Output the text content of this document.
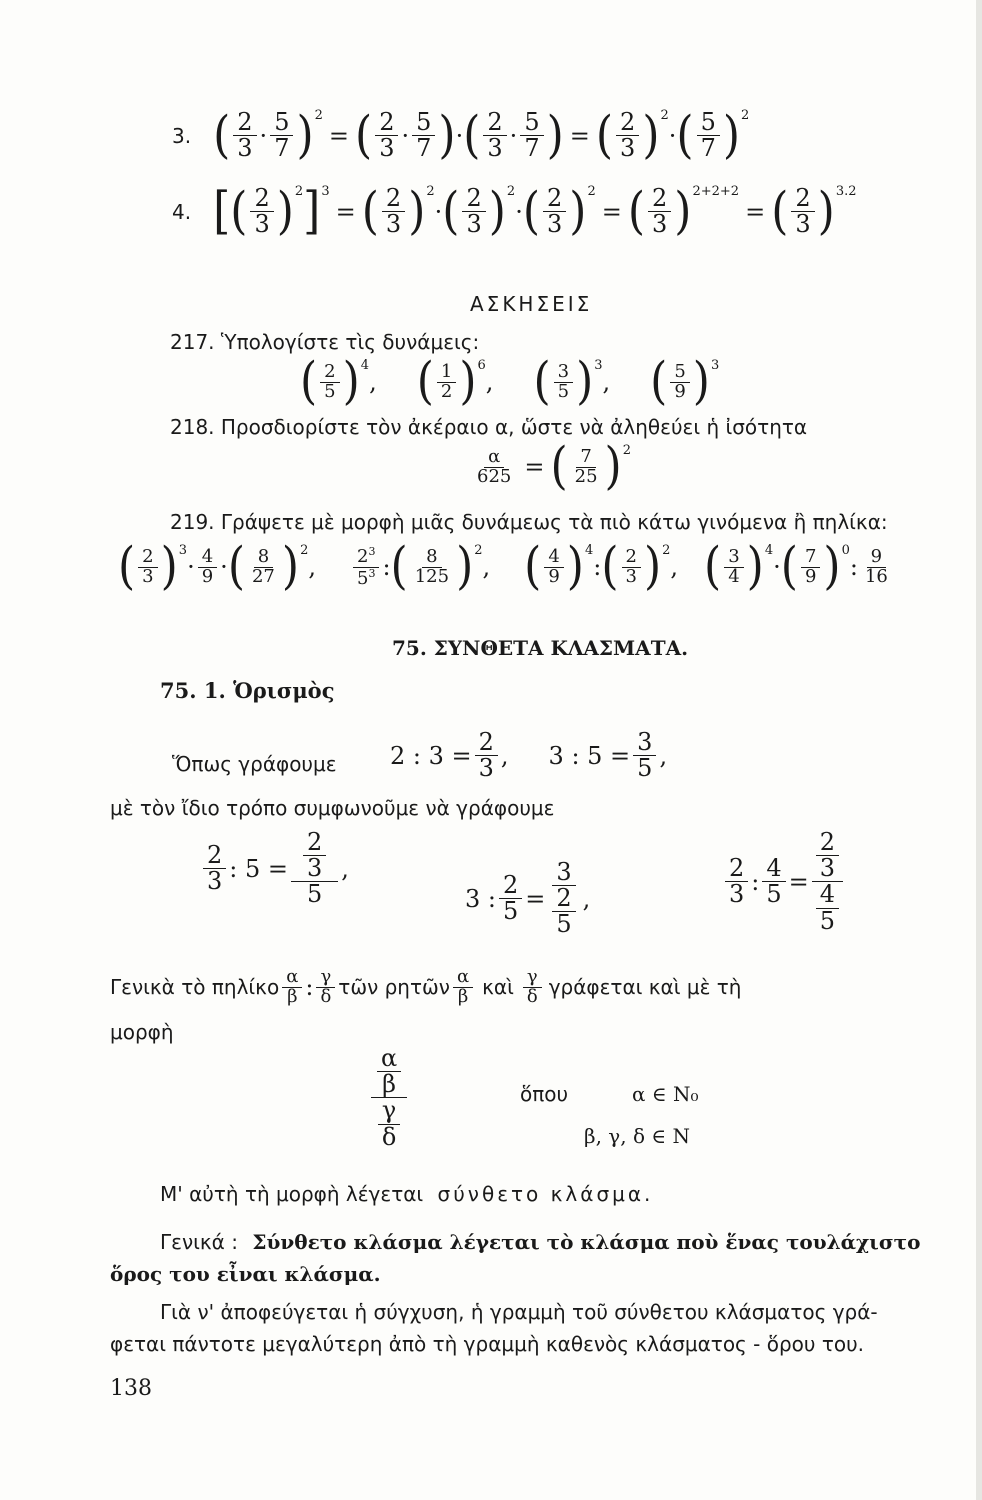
3. ( $\frac{2}{3} \cdot \frac{5}{7}$ ) 2
= ( $\frac{2}{3} \cdot \frac{5}{7}$ ) · ( $\frac{2}{3} \cdot \frac{5}{7}$ ) = ( $\frac{2}{3}$ ) 2
· ( $\frac{5}{7}$ ) 2
4. [ ( $\frac{2}{3}$ ) 2 ] 3
= ( $\frac{2}{3}$ ) 2
· ( $\frac{2}{3}$ ) 2
· ( $\frac{2}{3}$ ) 2
= ( $\frac{2}{3}$ ) 2+2+2
= ( $\frac{2}{3}$ ) 3.2
ΑΣΚΗΣΕΙΣ
217. Ὑπολογίστε τὶς δυνάμεις:
( $\frac{2}{5}$ ) 4
, ( $\frac{1}{2}$ ) 6
, ( $\frac{3}{5}$ ) 3
, ( $\frac{5}{9}$ ) 3
218. Προσδιορίστε τὸν ἀκέραιο α, ὥστε νὰ ἀληθεύει ἡ ἰσότητα
$\frac{\alpha}{625}$ = ( $\frac{7}{25}$ ) 2
219. Γράψετε μὲ μορφὴ μιᾶς δυνάμεως τὰ πιὸ κάτω γινόμενα ἢ πηλίκα:
( $\frac{2}{3}$ ) 3
· $\frac{4}{9}$ · ( $\frac{8}{27}$ ) 2
, $\frac{2^3}{5^3}$ : ( $\frac{8}{125}$ ) 2
, ( $\frac{4}{9}$ ) 4
: ( $\frac{2}{3}$ ) 2
, ( $\frac{3}{4}$ ) 4
· ( $\frac{7}{9}$ ) 0
: $\frac{9}{16}$
75. ΣΥΝΘΕΤΑ ΚΛΑΣΜΑΤΑ.
75. 1. Ὁρισμὸς
Ὅπως γράφουμε 2 : $3 = \frac{2}{3}$ ,
3 : $5 = \frac{3}{5}$ ,
μὲ τὸν ἴδιο τρόπο συμφωνοῦμε νὰ γράφουμε
$\frac{2}{3}$ : $5 = \frac{\frac{2}{3}}{5}$ ,
3 : $\frac{2}{5} = \frac{3}{\frac{2}{5}}$ ,	$\frac{2}{3}$ : $\frac{4}{5} = \frac{\frac{2}{3}}{\frac{4}{5}}$
Γενικὰ τὸ πηλίκο $\frac{\alpha}{\beta}$ : $\frac{\gamma}{\delta}$ τῶν ρητῶν $\frac{\alpha}{\beta}$ καὶ $\frac{\gamma}{\delta}$ γράφεται καὶ μὲ τὴ
μορφὴ
$\frac{\frac{\alpha}{\beta}}{\frac{\gamma}{\delta}}$	ὅπου	α ∈ N₀
β, γ, δ ∈ N
Μ' αὐτὴ τὴ μορφὴ λέγεται σύνθετο κλάσμα.
Γενικά : Σύνθετο κλάσμα λέγεται τὸ κλάσμα ποὺ ἕνας τουλάχιστο
ὅρος του εἶναι κλάσμα.
Γιὰ ν' ἀποφεύγεται ἡ σύγχυση, ἡ γραμμὴ τοῦ σύνθετου κλάσματος γρά-
φεται πάντοτε μεγαλύτερη ἀπὸ τὴ γραμμὴ καθενὸς κλάσματος - ὅρου του.
138
